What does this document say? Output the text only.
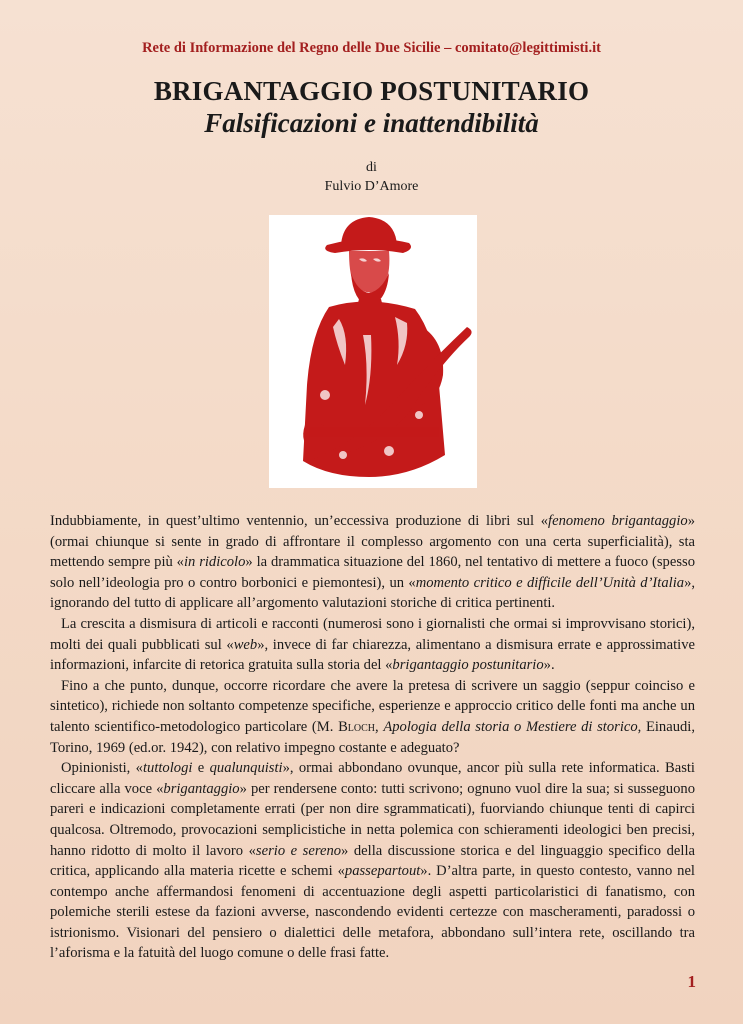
Rete di Informazione del Regno delle Due Sicilie – comitato@legittimisti.it
BRIGANTAGGIO POSTUNITARIO
Falsificazioni e inattendibilità
di
Fulvio D’Amore

Indubbiamente, in quest’ultimo ventennio, un’eccessiva produzione di libri sul «fenomeno brigantaggio» (ormai chiunque si sente in grado di affrontare il complesso argomento con una certa superficialità), sta mettendo sempre più «in ridicolo» la drammatica situazione del 1860, nel tentativo di mettere a fuoco (spesso solo nell’ideologia pro o contro borbonici e piemontesi), un «momento critico e difficile dell’Unità d’Italia», ignorando del tutto di applicare all’argomento valutazioni storiche di critica pertinenti.

La crescita a dismisura di articoli e racconti (numerosi sono i giornalisti che ormai si improvvisano storici), molti dei quali pubblicati sul «web», invece di far chiarezza, alimentano a dismisura errate e approssimative informazioni, infarcite di retorica gratuita sulla storia del «brigantaggio postunitario».

Fino a che punto, dunque, occorre ricordare che avere la pretesa di scrivere un saggio (seppur coinciso e sintetico), richiede non soltanto competenze specifiche, esperienze e approccio critico delle fonti ma anche un talento scientifico-metodologico particolare (M. Bloch, Apologia della storia o Mestiere di storico, Einaudi, Torino, 1969 (ed.or. 1942), con relativo impegno costante e adeguato?

Opinionisti, «tuttologi e qualunquisti», ormai abbondano ovunque, ancor più sulla rete informatica. Basti cliccare alla voce «brigantaggio» per rendersene conto: tutti scrivono; ognuno vuol dire la sua; si susseguono pareri e indicazioni completamente errati (per non dire sgrammaticati), fuorviando chiunque tenti di capirci qualcosa. Oltremodo, provocazioni semplicistiche in netta polemica con schieramenti ideologici ben precisi, hanno ridotto di molto il lavoro «serio e sereno» della discussione storica e del linguaggio specifico della critica, applicando alla materia ricette e schemi «passepartout». D’altra parte, in questo contesto, vanno nel contempo anche affermandosi fenomeni di accentuazione degli aspetti particolaristici di fanatismo, con polemiche sterili estese da fazioni avverse, nascondendo evidenti certezze con mascheramenti, paradossi o istrionismo. Visionari del pensiero o dialettici delle metafora, abbondano sull’intera rete, oscillando tra l’aforisma e la fatuità del luogo comune o delle frasi fatte.

1
